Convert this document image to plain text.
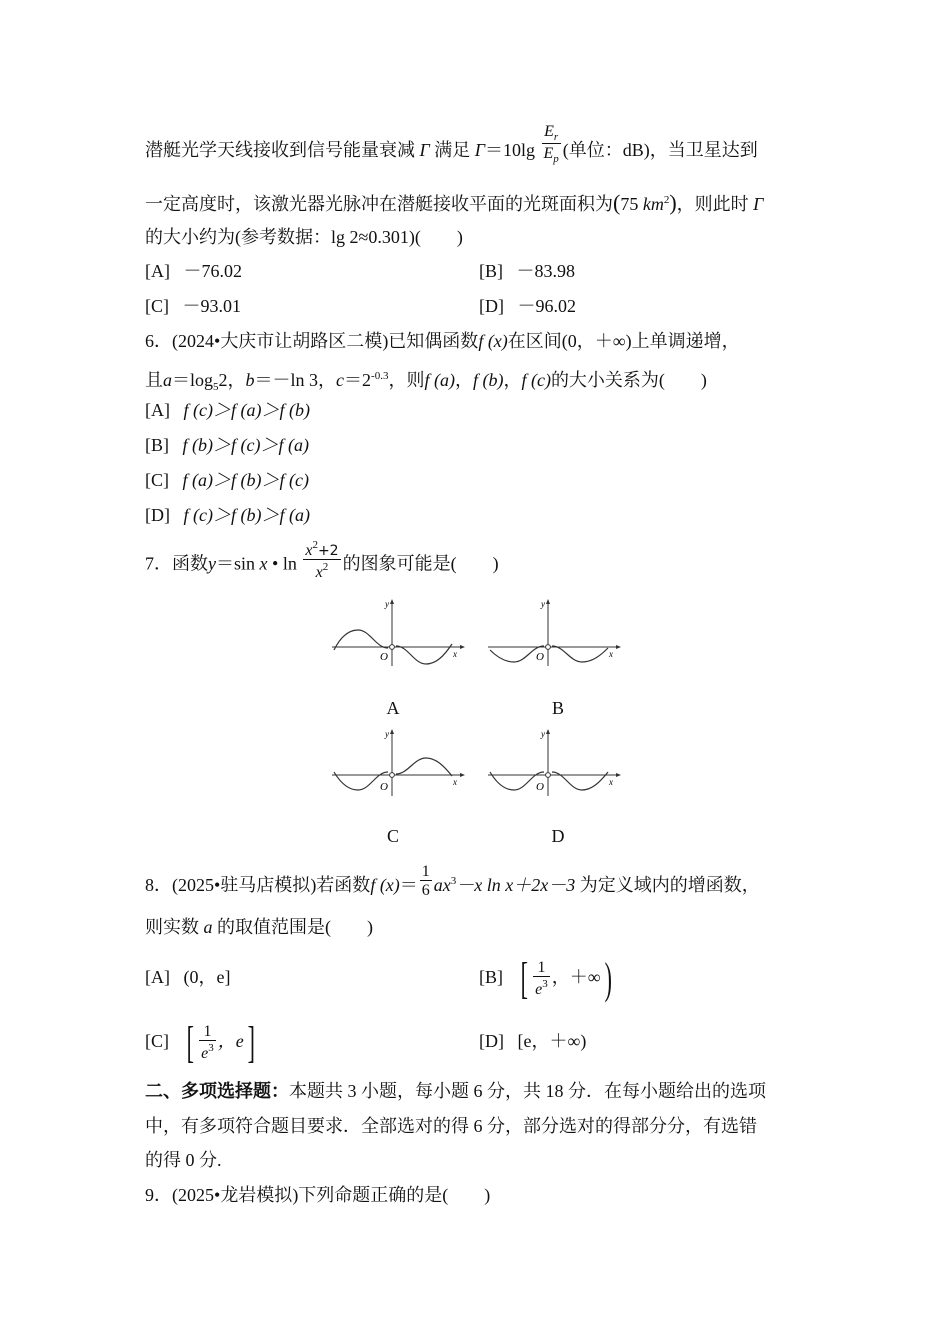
潜艇光学天线接收到信号能量衰减 Γ 满足 $\Gamma=10\lg \frac{E_r}{E_p}$ (单位：dB)，当卫星达到
一定高度时，该激光器光脉冲在潜艇接收平面的光斑面积为(75 $km^2$)，则此时 Γ
的大小约为(参考数据：lg 2≈0.301)(　　)
[A] －76.02	[B] －83.98
[C] －93.01	[D] －96.02
6．(2024•大庆市让胡路区二模)已知偶函数f (x)在区间(0，＋∞)上单调递增，
且$a=\log_52$，b＝－ln 3，$c=2^{-0.3}$，则f (a)，f (b)，f (c)的大小关系为(　　)
[A] f (c)＞f (a)＞f (b)
[B] f (b)＞f (c)＞f (a)
[C] f (a)＞f (b)＞f (c)
[D] f (c)＞f (b)＞f (a)
7．函数y＝sin x • $\ln \frac{x^2+2}{x^2}$ 的图象可能是(　　)
y
x
O
A
y
x
O
B
y
x
O
C
y
x
O
D
8．(2025•驻马店模拟)若函数f $(x)= \frac{1}{6} ax^3-x$ ln x＋2x－3 为定义域内的增函数，
则实数 a 的取值范围是(　　)
[A] (0，e]	[B] [ $\frac{1}{e^3}$ ，＋∞)
[C] [ $\frac{1}{e^3}$ ，e]	[D] [e，＋∞)
二、多项选择题：本题共 3 小题，每小题 6 分，共 18 分．在每小题给出的选项
中，有多项符合题目要求．全部选对的得 6 分，部分选对的得部分分，有选错
的得 0 分.
9．(2025•龙岩模拟)下列命题正确的是(　　)
